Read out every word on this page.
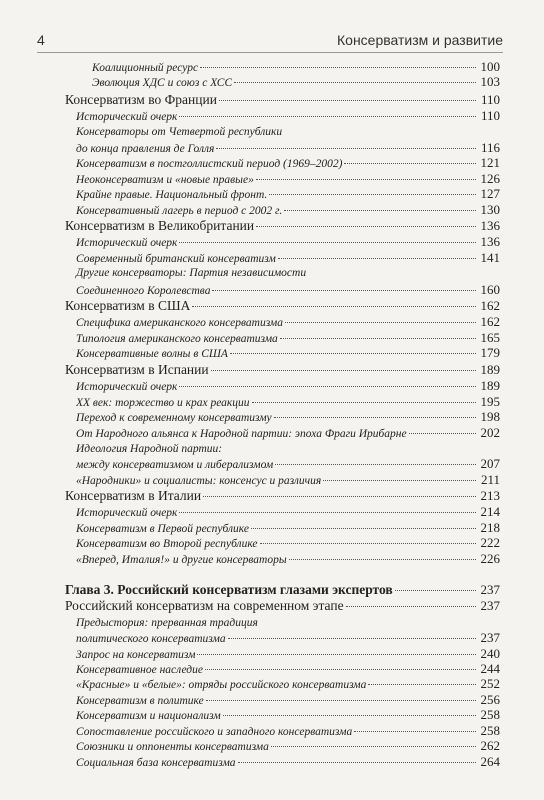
4	Консерватизм и развитие
Коалиционный ресурс	100
Эволюция ХДС и союз с ХСС	103
Консерватизм во Франции	110
Исторический очерк	110
Консерваторы от Четвертой республики
до конца правления де Голля	116
Консерватизм в постголлистский период (1969–2002)	121
Неоконсерватизм и «новые правые»	126
Крайне правые. Национальный фронт.	127
Консервативный лагерь в период с 2002 г.	130
Консерватизм в Великобритании	136
Исторический очерк	136
Современный британский консерватизм	141
Другие консерваторы: Партия независимости
Соединенного Королевства	160
Консерватизм в США	162
Специфика американского консерватизма	162
Типология американского консерватизма	165
Консервативные волны в США	179
Консерватизм в Испании	189
Исторический очерк	189
XX век: торжество и крах реакции	195
Переход к современному консерватизму	198
От Народного альянса к Народной партии: эпоха Фраги Ирибарне	202
Идеология Народной партии:
между консерватизмом и либерализмом	207
«Народники» и социалисты: консенсус и различия	211
Консерватизм в Италии	213
Исторический очерк	214
Консерватизм в Первой республике	218
Консерватизм во Второй республике	222
«Вперед, Италия!» и другие консерваторы	226
Глава 3. Российский консерватизм глазами экспертов	237
Российский консерватизм на современном этапе	237
Предыстория: прерванная традиция
политического консерватизма	237
Запрос на консерватизм	240
Консервативное наследие	244
«Красные» и «белые»: отряды российского консерватизма	252
Консерватизм в политике	256
Консерватизм и национализм	258
Сопоставление российского и западного консерватизма	258
Союзники и оппоненты консерватизма	262
Социальная база консерватизма	264
